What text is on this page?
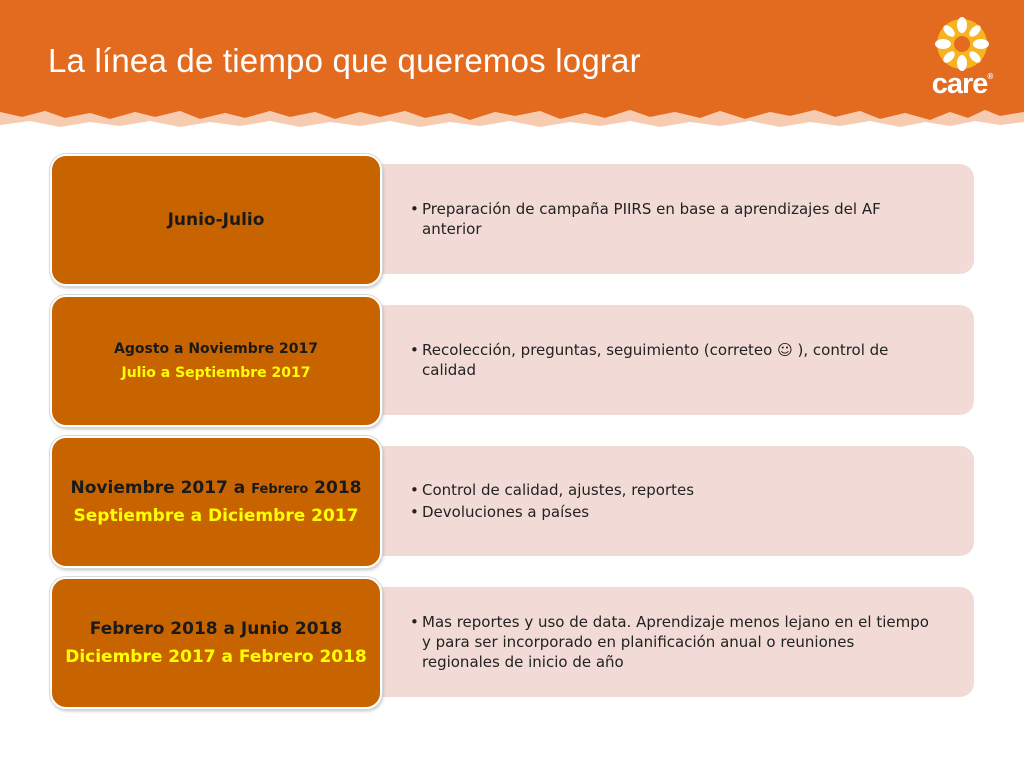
La línea de tiempo que queremos lograr
care®
• Preparación de campaña PIIRS en base a aprendizajes del AF anterior
Junio-Julio
• Recolección, preguntas, seguimiento (correteo ☺ ), control de calidad
Agosto a Noviembre 2017
Julio a Septiembre 2017
• Control de calidad, ajustes, reportes
• Devoluciones a países
Noviembre 2017 a Febrero 2018
Septiembre a Diciembre 2017
• Mas reportes y uso de data. Aprendizaje menos lejano en el tiempo y para ser incorporado en planificación anual o reuniones regionales de inicio de año
Febrero 2018 a Junio 2018
Diciembre 2017 a Febrero 2018
